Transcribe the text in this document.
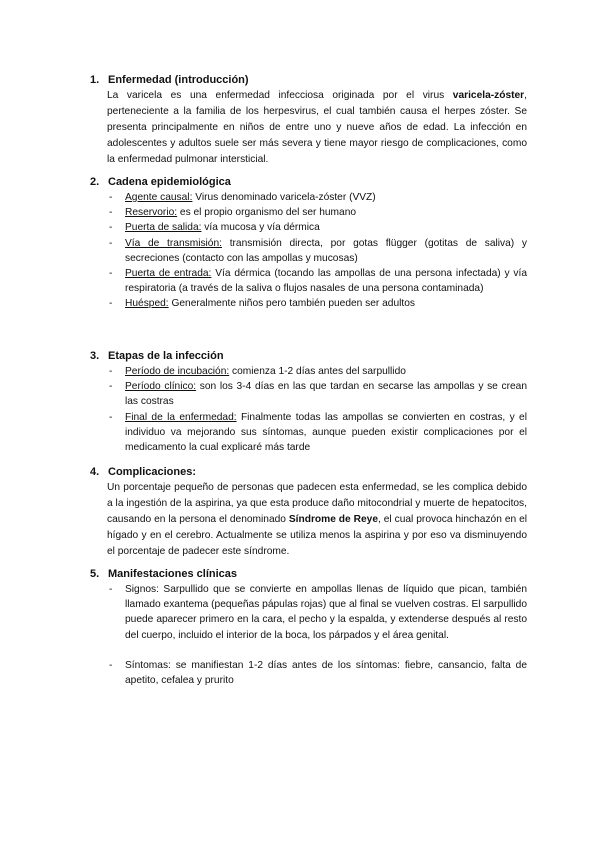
1. Enfermedad (introducción)

La varicela es una enfermedad infecciosa originada por el virus varicela-zóster, perteneciente a la familia de los herpesvirus, el cual también causa el herpes zóster. Se presenta principalmente en niños de entre uno y nueve años de edad. La infección en adolescentes y adultos suele ser más severa y tiene mayor riesgo de complicaciones, como la enfermedad pulmonar intersticial.

2. Cadena epidemiológica
- Agente causal: Virus denominado varicela-zóster (VVZ)
- Reservorio: es el propio organismo del ser humano
- Puerta de salida: vía mucosa y vía dérmica
- Vía de transmisión: transmisión directa, por gotas flügger (gotitas de saliva) y secreciones (contacto con las ampollas y mucosas)
- Puerta de entrada: Vía dérmica (tocando las ampollas de una persona infectada) y vía respiratoria (a través de la saliva o flujos nasales de una persona contaminada)
- Huésped: Generalmente niños pero también pueden ser adultos
3. Etapas de la infección
- Período de incubación: comienza 1-2 días antes del sarpullido
- Período clínico: son los 3-4 días en las que tardan en secarse las ampollas y se crean las costras
- Final de la enfermedad: Finalmente todas las ampollas se convierten en costras, y el individuo va mejorando sus síntomas, aunque pueden existir complicaciones por el medicamento la cual explicaré más tarde
4. Complicaciones:

Un porcentaje pequeño de personas que padecen esta enfermedad, se les complica debido a la ingestión de la aspirina, ya que esta produce daño mitocondrial y muerte de hepatocitos, causando en la persona el denominado Síndrome de Reye, el cual provoca hinchazón en el hígado y en el cerebro. Actualmente se utiliza menos la aspirina y por eso va disminuyendo el porcentaje de padecer este síndrome.

5. Manifestaciones clínicas
- Signos: Sarpullido que se convierte en ampollas llenas de líquido que pican, también llamado exantema (pequeñas pápulas rojas) que al final se vuelven costras. El sarpullido puede aparecer primero en la cara, el pecho y la espalda, y extenderse después al resto del cuerpo, incluido el interior de la boca, los párpados y el área genital.
- Síntomas: se manifiestan 1-2 días antes de los síntomas: fiebre, cansancio, falta de apetito, cefalea y prurito
